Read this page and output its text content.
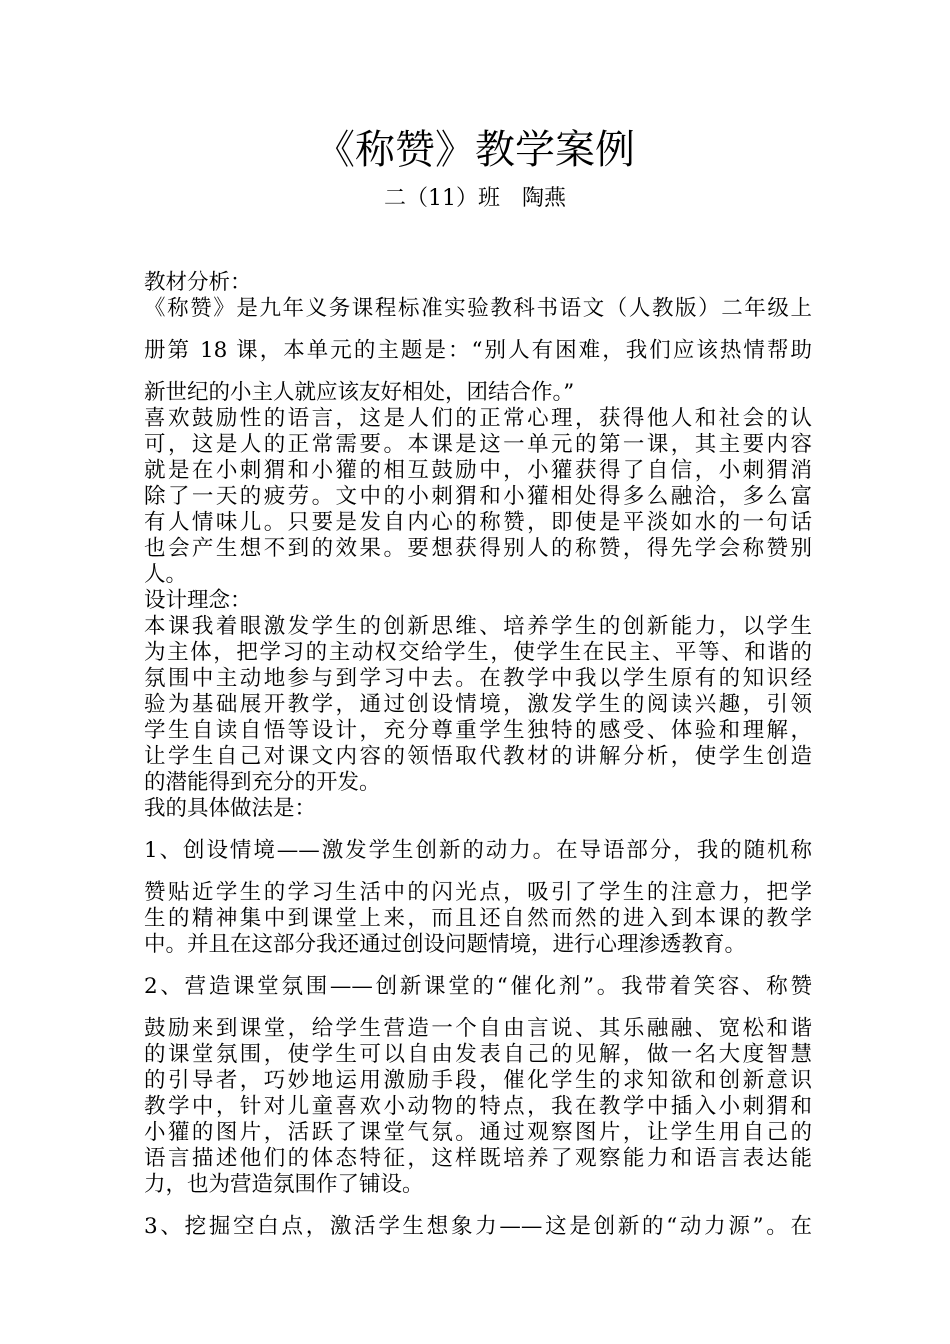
《称赞》教学案例
二（11）班　陶燕
教材分析：
《称赞》是九年义务课程标准实验教科书语文（人教版）二年级上
册第 18 课，本单元的主题是：“别人有困难，我们应该热情帮助
新世纪的小主人就应该友好相处，团结合作。”
喜欢鼓励性的语言，这是人们的正常心理，获得他人和社会的认
可，这是人的正常需要。本课是这一单元的第一课，其主要内容
就是在小刺猬和小獾的相互鼓励中，小獾获得了自信，小刺猬消
除了一天的疲劳。文中的小刺猬和小獾相处得多么融洽，多么富
有人情味儿。只要是发自内心的称赞，即使是平淡如水的一句话
也会产生想不到的效果。要想获得别人的称赞，得先学会称赞别
人。
设计理念：
本课我着眼激发学生的创新思维、培养学生的创新能力，以学生
为主体，把学习的主动权交给学生，使学生在民主、平等、和谐的
氛围中主动地参与到学习中去。在教学中我以学生原有的知识经
验为基础展开教学，通过创设情境，激发学生的阅读兴趣，引领
学生自读自悟等设计，充分尊重学生独特的感受、体验和理解，
让学生自己对课文内容的领悟取代教材的讲解分析，使学生创造
的潜能得到充分的开发。
我的具体做法是：
1、创设情境——激发学生创新的动力。在导语部分，我的随机称
赞贴近学生的学习生活中的闪光点，吸引了学生的注意力，把学
生的精神集中到课堂上来，而且还自然而然的进入到本课的教学
中。并且在这部分我还通过创设问题情境，进行心理渗透教育。
2、营造课堂氛围——创新课堂的“催化剂”。我带着笑容、称赞
鼓励来到课堂，给学生营造一个自由言说、其乐融融、宽松和谐
的课堂氛围，使学生可以自由发表自己的见解，做一名大度智慧
的引导者，巧妙地运用激励手段，催化学生的求知欲和创新意识
教学中，针对儿童喜欢小动物的特点，我在教学中插入小刺猬和
小獾的图片，活跃了课堂气氛。通过观察图片，让学生用自己的
语言描述他们的体态特征，这样既培养了观察能力和语言表达能
力，也为营造氛围作了铺设。
3、挖掘空白点，激活学生想象力——这是创新的“动力源”。在
